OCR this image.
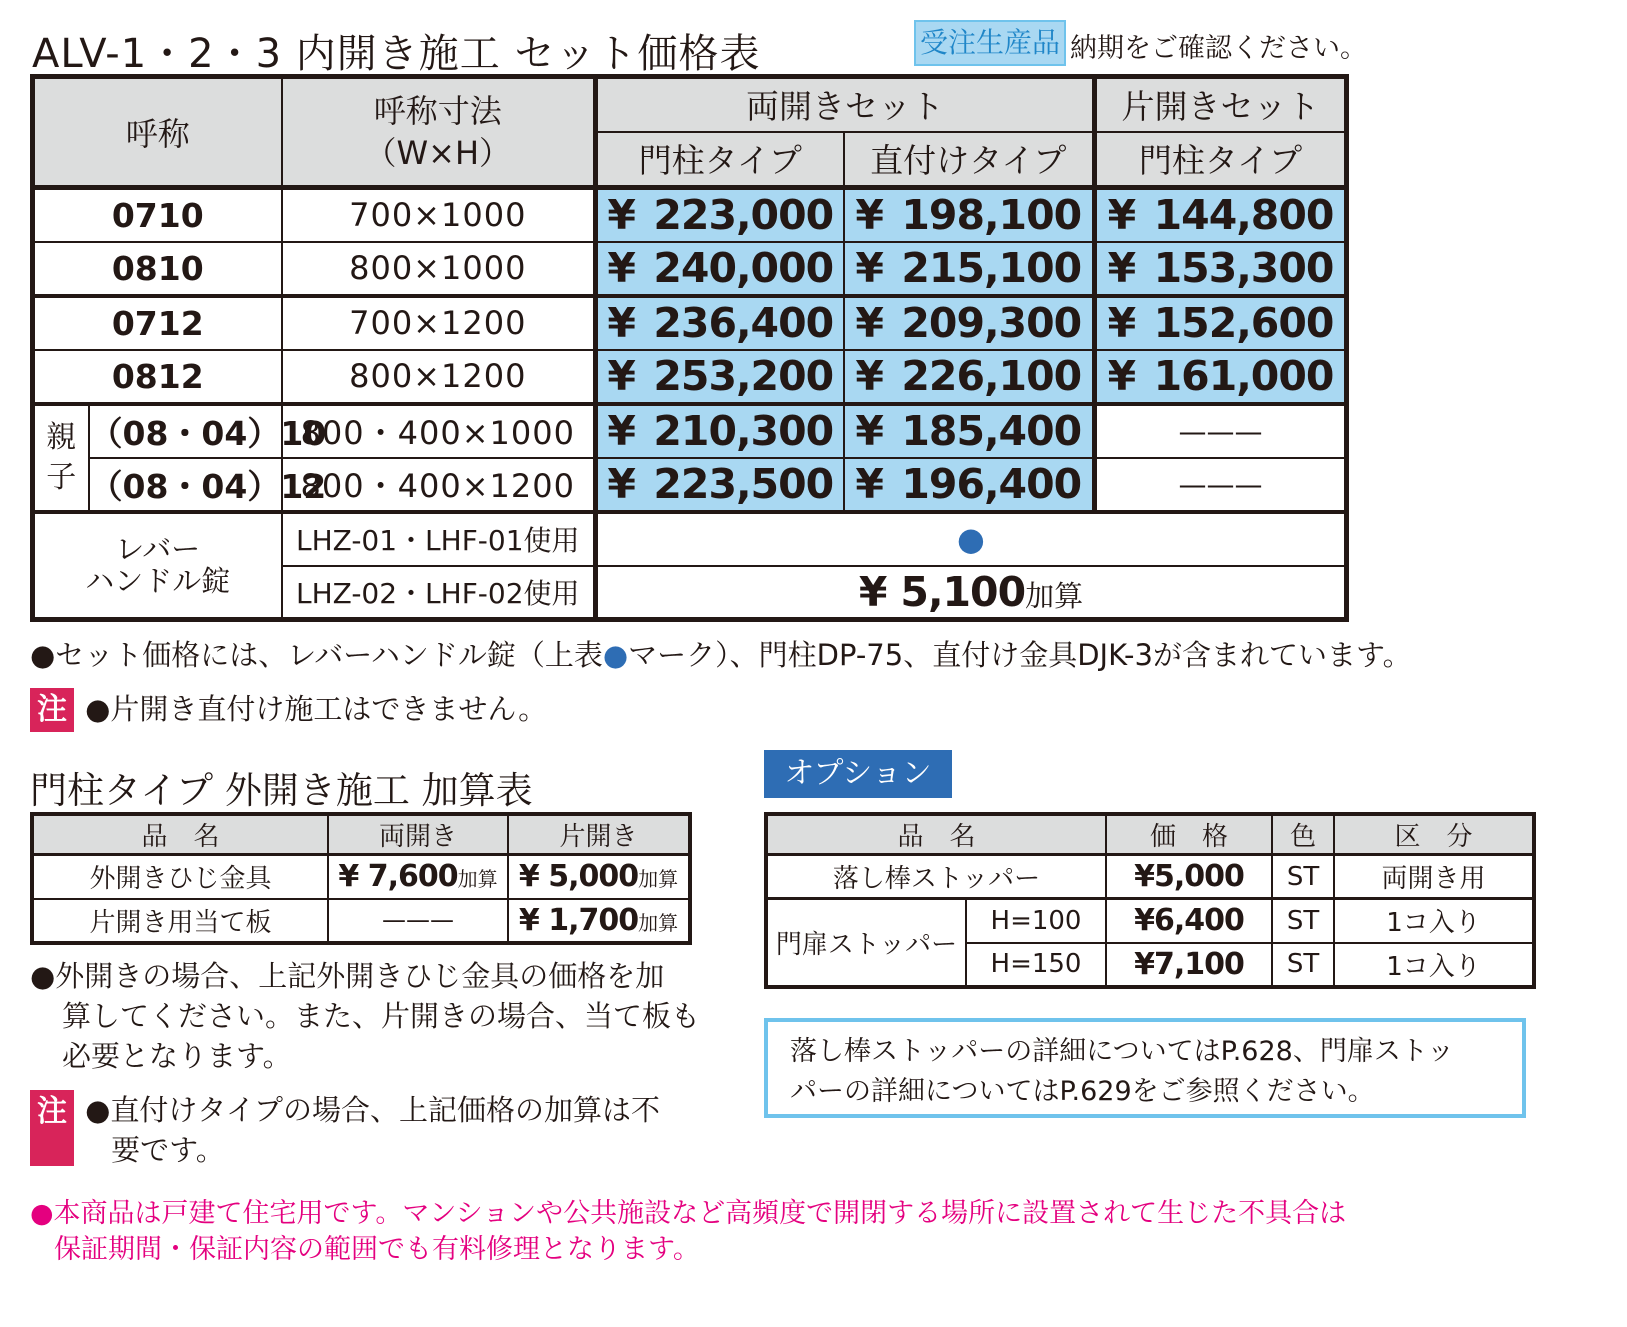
ALV-1・2・3 内開き施工 セット価格表	受注生産品 納期をご確認ください。
呼称		呼称寸法
（W×H）	両開きセット		片開きセット
			門柱タイプ	直付けタイプ	門柱タイプ
0710		700×1000	¥ 223,000	¥ 198,100	¥ 144,800
0810		800×1000	¥ 240,000	¥ 215,100	¥ 153,300
0712		700×1200	¥ 236,400	¥ 209,300	¥ 152,600
0812		800×1200	¥ 253,200	¥ 226,100	¥ 161,000

親
子	（08・04）10	800・400×1000	¥ 210,300	¥ 185,400	———
	（08・04）12	800・400×1200	¥ 223,500	¥ 196,400	———

レバー
ハンドル錠		LHZ-01・LHF-01使用	●		
		LHZ-02・LHF-02使用	¥ 5,100加算		
●セット価格には、レバーハンドル錠（上表●マーク）、門柱DP-75、直付け金具DJK-3が含まれています。
注 ●片開き直付け施工はできません。
門柱タイプ 外開き施工 加算表
品　名	両開き	片開き
外開きひじ金具	¥ 7,600加算	¥ 5,000加算
片開き用当て板	———	¥ 1,700加算
●外開きの場合、上記外開きひじ金具の価格を加
算してください。また、片開きの場合、当て板も
必要となります。
注 ●直付けタイプの場合、上記価格の加算は不
要です。
オプション
品　名		価　格	色	区　分
落し棒ストッパー		¥5,000	ST	両開き用
門扉ストッパー	H=100	¥6,400	ST	1コ入り
	H=150	¥7,100	ST	1コ入り
落し棒ストッパーの詳細についてはP.628、門扉ストッ
パーの詳細についてはP.629をご参照ください。
●本商品は戸建て住宅用です。マンションや公共施設など高頻度で開閉する場所に設置されて生じた不具合は
保証期間・保証内容の範囲でも有料修理となります。
